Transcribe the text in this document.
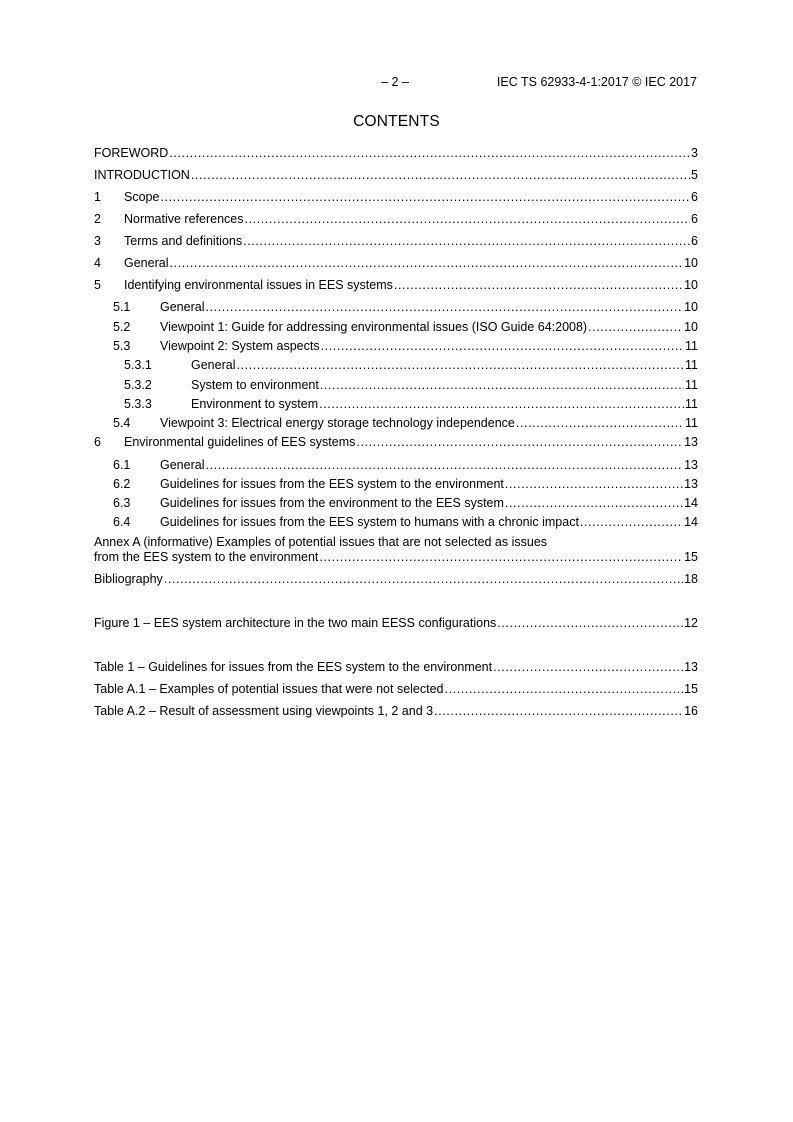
– 2 –	IEC TS 62933-4-1:2017 © IEC 2017
CONTENTS
FOREWORD .....	3
INTRODUCTION .....	5
1	Scope .....	6
2	Normative references .....	6
3	Terms and definitions .....	6
4	General .....	10
5	Identifying environmental issues in EES systems .....	10
5.1	General .....	10
5.2	Viewpoint 1: Guide for addressing environmental issues (ISO Guide 64:2008) .....	10
5.3	Viewpoint 2: System aspects .....	11
5.3.1	General .....	11
5.3.2	System to environment .....	11
5.3.3	Environment to system .....	11
5.4	Viewpoint 3: Electrical energy storage technology independence .....	11
6	Environmental guidelines of EES systems .....	13
6.1	General .....	13
6.2	Guidelines for issues from the EES system to the environment .....	13
6.3	Guidelines for issues from the environment to the EES system .....	14
6.4	Guidelines for issues from the EES system to humans with a chronic impact .....	14
Annex A (informative) Examples of potential issues that are not selected as issues
from the EES system to the environment .....	15
Bibliography .....	18
Figure 1 – EES system architecture in the two main EESS configurations .....	12
Table 1 – Guidelines for issues from the EES system to the environment .....	13
Table A.1 – Examples of potential issues that were not selected .....	15
Table A.2 – Result of assessment using viewpoints 1, 2 and 3 .....	16
